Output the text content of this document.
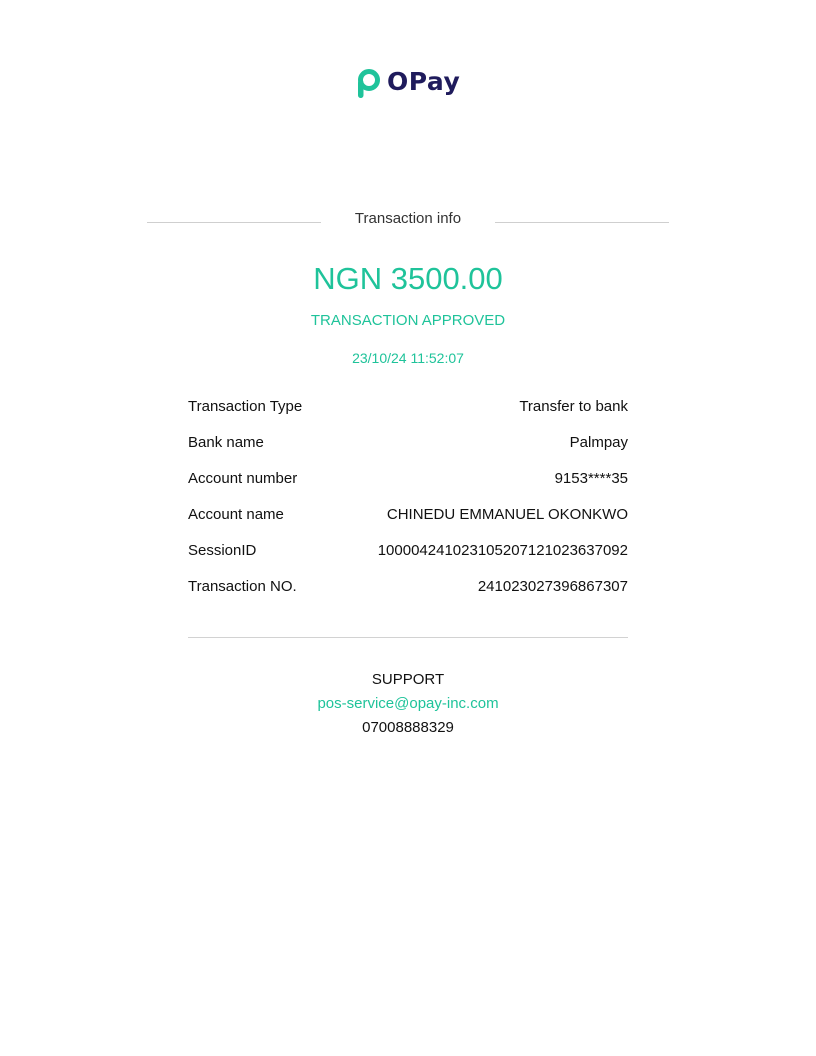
OPay
Transaction info
NGN 3500.00
TRANSACTION APPROVED
23/10/24 11:52:07
Transaction Type	Transfer to bank
Bank name	Palmpay
Account number	9153****35
Account name	CHINEDU EMMANUEL OKONKWO
SessionID	100004241023105207121023637092
Transaction NO.	241023027396867307
SUPPORT
pos-service@opay-inc.com
07008888329
